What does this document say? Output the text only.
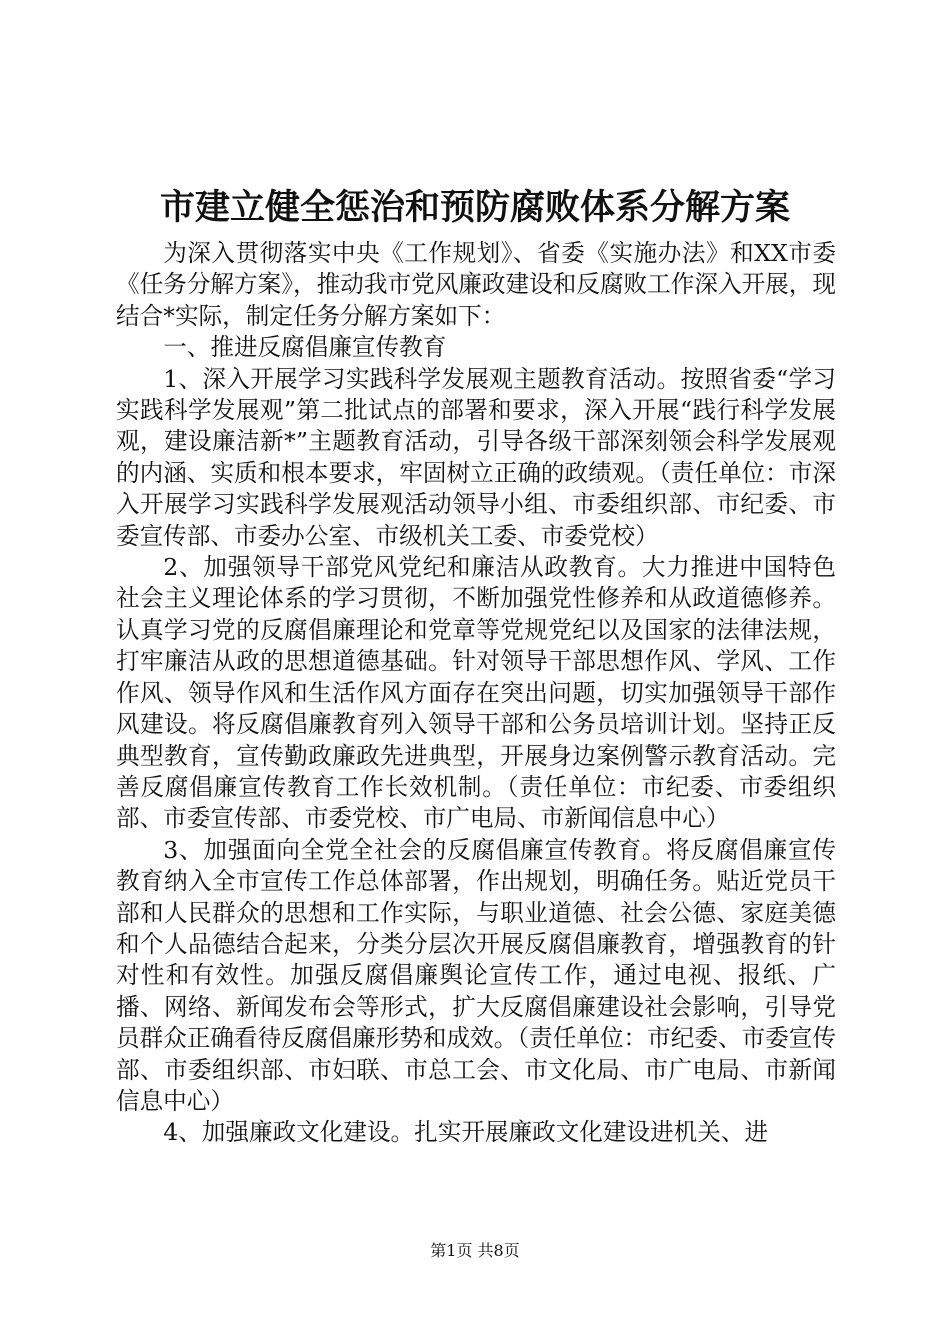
市建立健全惩治和预防腐败体系分解方案

为深入贯彻落实中央《工作规划》、省委《实施办法》和XX市委《任务分解方案》，推动我市党风廉政建设和反腐败工作深入开展，现结合*实际，制定任务分解方案如下：

一、推进反腐倡廉宣传教育

1、深入开展学习实践科学发展观主题教育活动。按照省委“学习实践科学发展观”第二批试点的部署和要求，深入开展“践行科学发展观，建设廉洁新*”主题教育活动，引导各级干部深刻领会科学发展观的内涵、实质和根本要求，牢固树立正确的政绩观。（责任单位：市深入开展学习实践科学发展观活动领导小组、市委组织部、市纪委、市委宣传部、市委办公室、市级机关工委、市委党校）

2、加强领导干部党风党纪和廉洁从政教育。大力推进中国特色社会主义理论体系的学习贯彻，不断加强党性修养和从政道德修养。认真学习党的反腐倡廉理论和党章等党规党纪以及国家的法律法规，打牢廉洁从政的思想道德基础。针对领导干部思想作风、学风、工作作风、领导作风和生活作风方面存在突出问题，切实加强领导干部作风建设。将反腐倡廉教育列入领导干部和公务员培训计划。坚持正反典型教育，宣传勤政廉政先进典型，开展身边案例警示教育活动。完善反腐倡廉宣传教育工作长效机制。（责任单位：市纪委、市委组织部、市委宣传部、市委党校、市广电局、市新闻信息中心）

3、加强面向全党全社会的反腐倡廉宣传教育。将反腐倡廉宣传教育纳入全市宣传工作总体部署，作出规划，明确任务。贴近党员干部和人民群众的思想和工作实际，与职业道德、社会公德、家庭美德和个人品德结合起来，分类分层次开展反腐倡廉教育，增强教育的针对性和有效性。加强反腐倡廉舆论宣传工作，通过电视、报纸、广播、网络、新闻发布会等形式，扩大反腐倡廉建设社会影响，引导党员群众正确看待反腐倡廉形势和成效。（责任单位：市纪委、市委宣传部、市委组织部、市妇联、市总工会、市文化局、市广电局、市新闻信息中心）

4、加强廉政文化建设。扎实开展廉政文化建设进机关、进

第1页 共8页
